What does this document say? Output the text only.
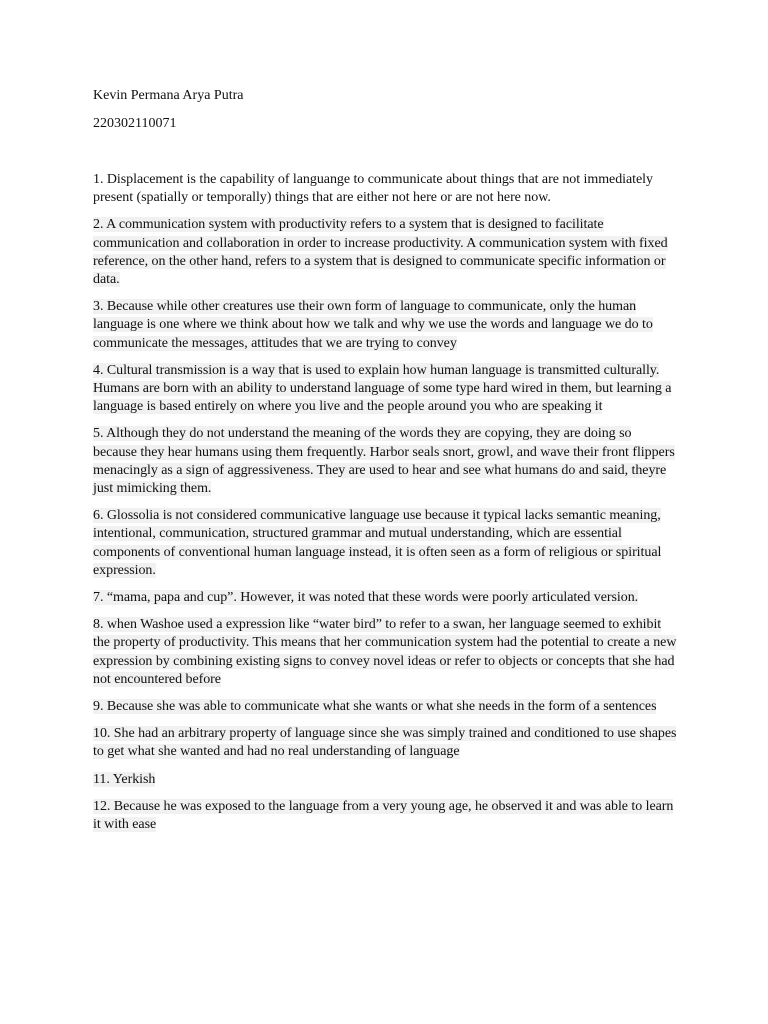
Kevin Permana Arya Putra

220302110071

1. Displacement is the capability of languange to communicate about things that are not immediately present (spatially or temporally) things that are either not here or are not here now.

2. A communication system with productivity refers to a system that is designed to facilitate communication and collaboration in order to increase productivity. A communication system with fixed reference, on the other hand, refers to a system that is designed to communicate specific information or data.

3. Because while other creatures use their own form of language to communicate, only the human language is one where we think about how we talk and why we use the words and language we do to communicate the messages, attitudes that we are trying to convey

4. Cultural transmission is a way that is used to explain how human language is transmitted culturally. Humans are born with an ability to understand language of some type hard wired in them, but learning a language is based entirely on where you live and the people around you who are speaking it

5. Although they do not understand the meaning of the words they are copying, they are doing so because they hear humans using them frequently. Harbor seals snort, growl, and wave their front flippers menacingly as a sign of aggressiveness. They are used to hear and see what humans do and said, theyre just mimicking them.

6. Glossolia is not considered communicative language use because it typical lacks semantic meaning, intentional, communication, structured grammar and mutual understanding, which are essential components of conventional human language instead, it is often seen as a form of religious or spiritual expression.

7. “mama, papa and cup”. However, it was noted that these words were poorly articulated version.

8. when Washoe used a expression like “water bird” to refer to a swan, her language seemed to exhibit the property of productivity. This means that her communication system had the potential to create a new expression by combining existing signs to convey novel ideas or refer to objects or concepts that she had not encountered before

9. Because she was able to communicate what she wants or what she needs in the form of a sentences

10. She had an arbitrary property of language since she was simply trained and conditioned to use shapes to get what she wanted and had no real understanding of language

11. Yerkish

12. Because he was exposed to the language from a very young age, he observed it and was able to learn it with ease
